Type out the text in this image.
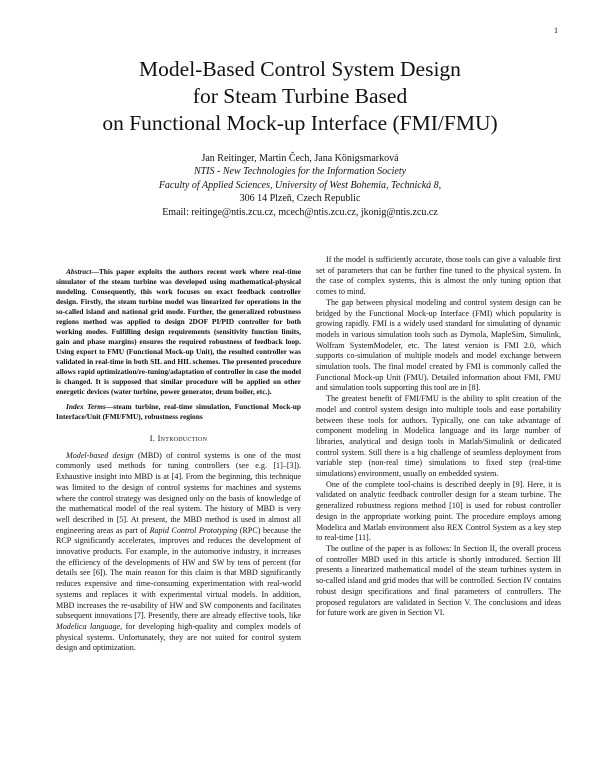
1
Model-Based Control System Design
for Steam Turbine Based
on Functional Mock-up Interface (FMI/FMU)
Jan Reitinger, Martin Čech, Jana Königsmarková
NTIS - New Technologies for the Information Society
Faculty of Applied Sciences, University of West Bohemia, Technická 8,
306 14 Plzeň, Czech Republic
Email: reitinge@ntis.zcu.cz, mcech@ntis.zcu.cz, jkonig@ntis.zcu.cz

Abstract—This paper exploits the authors recent work where real-time simulator of the steam turbine was developed using mathematical-physical modeling. Consequently, this work focuses on exact feedback controller design. Firstly, the steam turbine model was linearized for operations in the so-called island and national grid mode. Further, the generalized robustness regions method was applied to design 2DOF PI/PID controller for both working modes. Fulfilling design requirements (sensitivity function limits, gain and phase margins) ensures the required robustness of feedback loop. Using export to FMU (Functional Mock-up Unit), the resulted controller was validated in real-time in both SIL and HIL schemes. The presented procedure allows rapid optimization/re-tuning/adaptation of controller in case the model is changed. It is supposed that similar procedure will be applied on other energetic devices (water turbine, power generator, drum boiler, etc.).

Index Terms—steam turbine, real-time simulation, Functional Mock-up Interface/Unit (FMI/FMU), robustness regions

I. Introduction

Model-based design (MBD) of control systems is one of the most commonly used methods for tuning controllers (see e.g. [1]–[3]). Exhaustive insight into MBD is at [4]. From the beginning, this technique was limited to the design of control systems for machines and systems where the control strategy was designed only on the basis of knowledge of the mathematical model of the real system. The history of MBD is very well described in [5]. At present, the MBD method is used in almost all engineering areas as part of Rapid Control Prototyping (RPC) because the RCP significantly accelerates, improves and reduces the development of innovative products. For example, in the automotive industry, it increases the efficiency of the developments of HW and SW by tens of percent (for details see [6]). The main reason for this claim is that MBD significantly reduces expensive and time-consuming experimentation with real-world systems and replaces it with experimental virtual models. In addition, MBD increases the re-usability of HW and SW components and facilitates subsequent innovations [7]. Presently, there are already effective tools, like Modelica language, for developing high-quality and complex models of physical systems. Unfortunately, they are not suited for control system design and optimization.

If the model is sufficiently accurate, those tools can give a valuable first set of parameters that can be further fine tuned to the physical system. In the case of complex systems, this is almost the only tuning option that comes to mind.

The gap between physical modeling and control system design can be bridged by the Functional Mock-up Interface (FMI) which popularity is growing rapidly. FMI is a widely used standard for simulating of dynamic models in various simulation tools such as Dymola, MapleSim, Simulink, Wolfram SystemModeler, etc. The latest version is FMI 2.0, which supports co-simulation of multiple models and model exchange between simulation tools. The final model created by FMI is commonly called the Functional Mock-up Unit (FMU). Detailed information about FMI, FMU and simulation tools supporting this tool are in [8].

The greatest benefit of FMI/FMU is the ability to split creation of the model and control system design into multiple tools and ease portability between these tools for authors. Typically, one can take advantage of component modeling in Modelica language and its large number of libraries, analytical and design tools in Matlab/Simulink or dedicated control system. Still there is a big challenge of seamless deployment from variable step (non-real time) simulations to fixed step (real-time simulations) environment, usually on embedded system.

One of the complete tool-chains is described deeply in [9]. Here, it is validated on analytic feedback controller design for a steam turbine. The generalized robustness regions method [10] is used for robust controller design in the appropriate working point. The procedure employs among Modelica and Matlab environment also REX Control System as a key step to real-time [11].

The outline of the paper is as follows: In Section II, the overall process of controller MBD used in this article is shortly introduced. Section III presents a linearized mathematical model of the steam turbines system in so-called island and grid modes that will be controlled. Section IV contains robust design specifications and final parameters of controllers. The proposed regulators are validated in Section V. The conclusions and ideas for future work are given in Section VI.
